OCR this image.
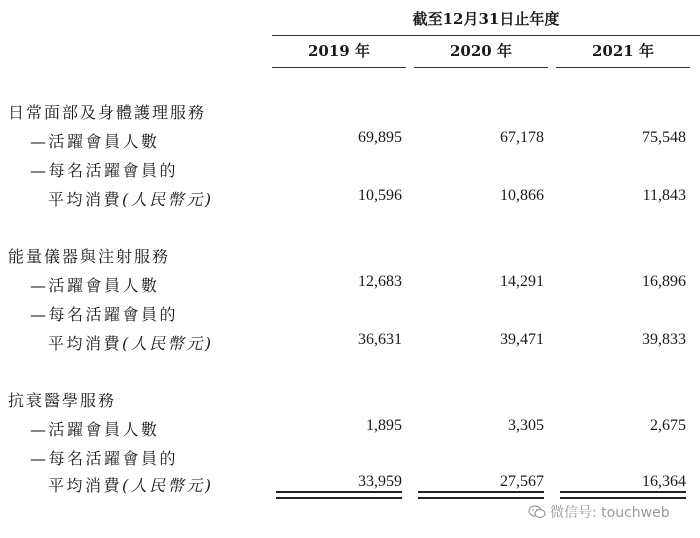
截至12月31日止年度
2019 年	2020 年	2021 年
日常面部及身體護理服務
—活躍會員人數	69,895	67,178	75,548
—每名活躍會員的
平均消費(人民幣元)	10,596	10,866	11,843
能量儀器與注射服務
—活躍會員人數	12,683	14,291	16,896
—每名活躍會員的
平均消費(人民幣元)	36,631	39,471	39,833
抗衰醫學服務
—活躍會員人數	1,895	3,305	2,675
—每名活躍會員的
平均消費(人民幣元)	33,959	27,567	16,364
微信号: touchweb
